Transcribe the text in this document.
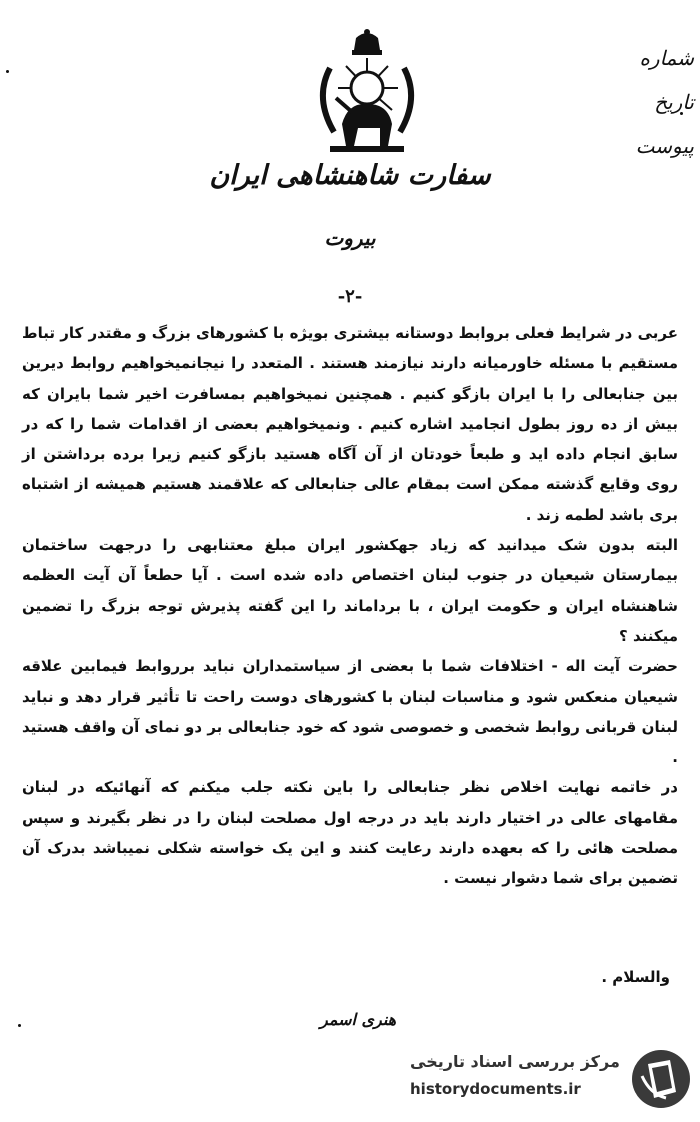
شماره
تاریخ
پیوست
سفارت شاهنشاهی ایران
بیروت
-۲-

عربی در شرایط فعلی بروابط دوستانه بیشتری بویژه با کشورهای بزرگ و مقتدر کار تباط مستقیم با مسئله خاورمیانه دارند نیازمند هستند . المتعدد را نیجانمیخواهیم روابط دیرین بین جنابعالی را با ایران بازگو کنیم . همچنین نمیخواهیم بمسافرت اخیر شما بایران که بیش از ده روز بطول انجامید اشاره کنیم . ونمیخواهیم بعضی از اقدامات شما را که در سابق انجام داده اید و طبعاً خودتان از آن آگاه هستید بازگو کنیم زیرا برده برداشتن از روی وقایع گذشته ممکن است بمقام عالی جنابعالی که علاقمند هستیم همیشه از اشتباه بری باشد لطمه زند .

البته بدون شک میدانید که زیاد جهکشور ایران مبلغ معتنابهی را درجهت ساختمان بیمارستان شیعیان در جنوب لبنان اختصاص داده شده است . آیا حطعاً آن آیت العظمه شاهنشاه ایران و حکومت ایران ، با برداماند را این گفته پذیرش توجه بزرگ را تضمین میکنند ؟

حضرت آیت اله - اختلافات شما با بعضی از سیاستمداران نباید برروابط فیمابین علاقه شیعیان منعکس شود و مناسبات لبنان با کشورهای دوست راحت تا تأثیر قرار دهد و نباید لبنان قربانی روابط شخصی و خصوصی شود که خود جنابعالی بر دو نمای آن واقف هستید .

در خاتمه نهایت اخلاص نظر جنابعالی را باین نکته جلب میکنم که آنهائیکه در لبنان مقامهای عالی در اختیار دارند باید در درجه اول مصلحت لبنان را در نظر بگیرند و سپس مصلحت هائی را که بعهده دارند رعایت کنند و این یک خواسته شکلی نمیباشد بدرک آن تضمین برای شما دشوار نیست .

والسلام .
هنری اسمر
مرکز بررسی اسناد تاریخی
historydocuments.ir
